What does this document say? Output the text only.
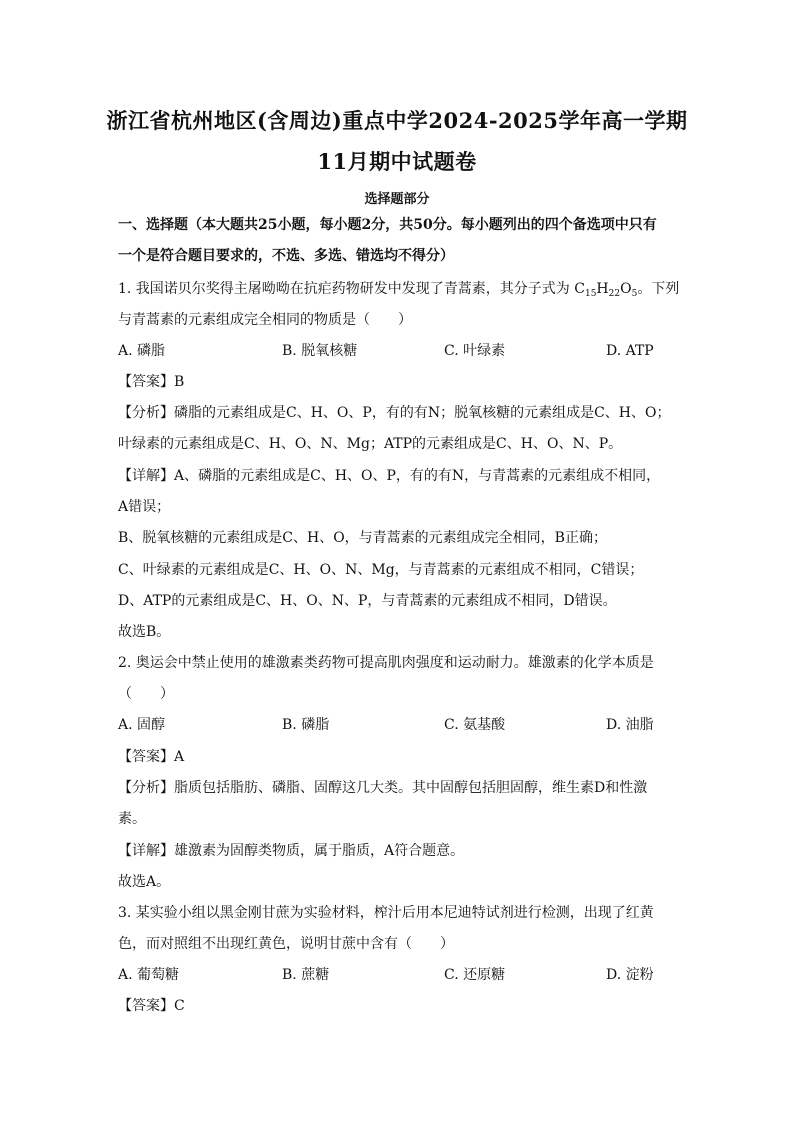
浙江省杭州地区(含周边)重点中学2024-2025学年高一学期
11月期中试题卷
选择题部分
一、选择题（本大题共25小题，每小题2分，共50分。每小题列出的四个备选项中只有
一个是符合题目要求的，不选、多选、错选均不得分）
1. 我国诺贝尔奖得主屠呦呦在抗疟药物研发中发现了青蒿素，其分子式为 $C_{15}H_{22}O_5$。下列
与青蒿素的元素组成完全相同的物质是（　　）
A. 磷脂	B. 脱氧核糖	C. 叶绿素	D. ATP
【答案】B
【分析】磷脂的元素组成是C、H、O、P，有的有N；脱氧核糖的元素组成是C、H、O；
叶绿素的元素组成是C、H、O、N、Mg；ATP的元素组成是C、H、O、N、P。
【详解】A、磷脂的元素组成是C、H、O、P，有的有N，与青蒿素的元素组成不相同，
A错误；
B、脱氧核糖的元素组成是C、H、O，与青蒿素的元素组成完全相同，B正确；
C、叶绿素的元素组成是C、H、O、N、Mg，与青蒿素的元素组成不相同，C错误；
D、ATP的元素组成是C、H、O、N、P，与青蒿素的元素组成不相同，D错误。
故选B。
2. 奥运会中禁止使用的雄激素类药物可提高肌肉强度和运动耐力。雄激素的化学本质是
（　　）
A. 固醇	B. 磷脂	C. 氨基酸	D. 油脂
【答案】A
【分析】脂质包括脂肪、磷脂、固醇这几大类。其中固醇包括胆固醇，维生素D和性激
素。
【详解】雄激素为固醇类物质，属于脂质，A符合题意。
故选A。
3. 某实验小组以黑金刚甘蔗为实验材料，榨汁后用本尼迪特试剂进行检测，出现了红黄
色，而对照组不出现红黄色，说明甘蔗中含有（　　）
A. 葡萄糖	B. 蔗糖	C. 还原糖	D. 淀粉
【答案】C
